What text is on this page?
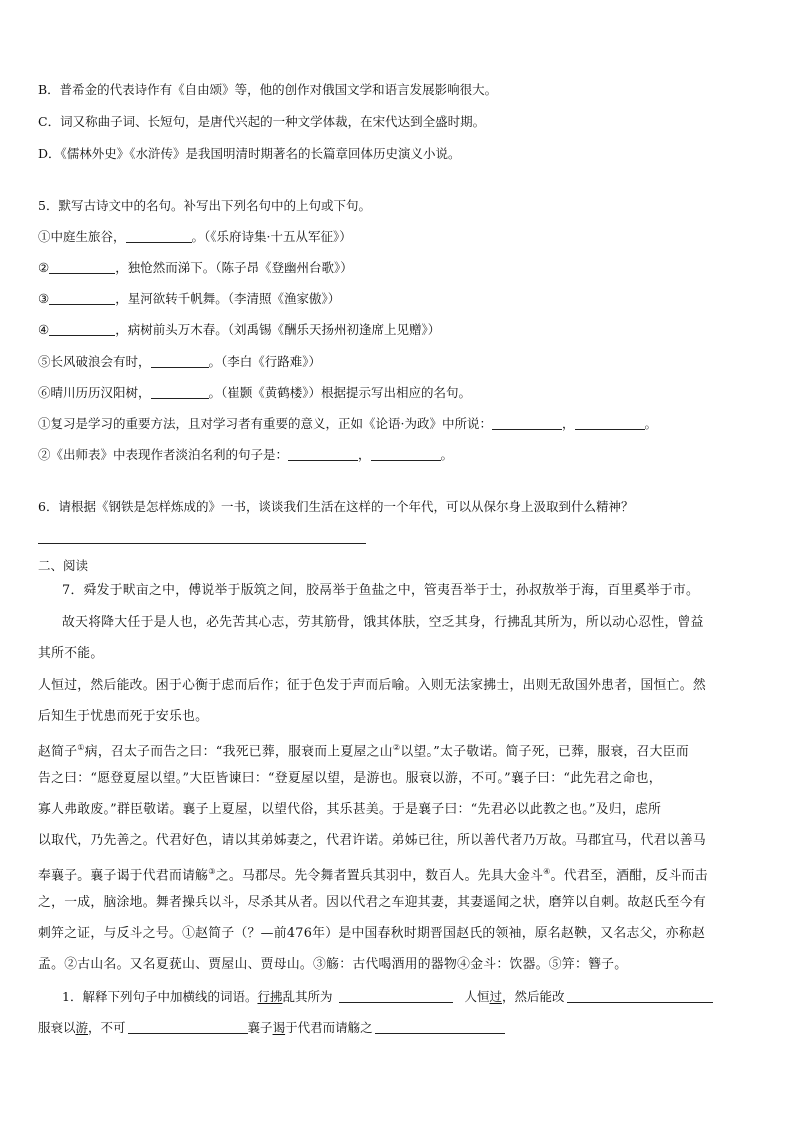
B．普希金的代表诗作有《自由颂》等，他的创作对俄国文学和语言发展影响很大。
C．词又称曲子词、长短句，是唐代兴起的一种文学体裁，在宋代达到全盛时期。
D．《儒林外史》《水浒传》是我国明清时期著名的长篇章回体历史演义小说。
5．默写古诗文中的名句。补写出下列名句中的上句或下句。
①中庭生旅谷，	。（《乐府诗集·十五从军征》）
②	，独怆然而涕下。（陈子昂《登幽州台歌》）
③	，星河欲转千帆舞。（李清照《渔家傲》）
④	，病树前头万木春。（刘禹锡《酬乐天扬州初逢席上见赠》）
⑤长风破浪会有时，	。（李白《行路难》）
⑥晴川历历汉阳树，	。（崔颢《黄鹤楼》）根据提示写出相应的名句。
①复习是学习的重要方法，且对学习者有重要的意义，正如《论语·为政》中所说：	，	。
②《出师表》中表现作者淡泊名利的句子是：	，	。
6．请根据《钢铁是怎样炼成的》一书，谈谈我们生活在这样的一个年代，可以从保尔身上汲取到什么精神？
二、阅读
7．舜发于畎亩之中，傅说举于版筑之间，胶鬲举于鱼盐之中，管夷吾举于士，孙叔敖举于海，百里奚举于市。
故天将降大任于是人也，必先苦其心志，劳其筋骨，饿其体肤，空乏其身，行拂乱其所为，所以动心忍性，曾益
其所不能。
人恒过，然后能改。困于心衡于虑而后作；征于色发于声而后喻。入则无法家拂士，出则无敌国外患者，国恒亡。然
后知生于忧患而死于安乐也。
赵简子①病，召太子而告之曰：“我死已葬，服衰而上夏屋之山②以望。”太子敬诺。简子死，已葬，服衰，召大臣而
告之曰：“愿登夏屋以望。”大臣皆谏曰：“登夏屋以望，是游也。服衰以游，不可。”襄子曰：“此先君之命也，
寡人弗敢废。”群臣敬诺。襄子上夏屋，以望代俗，其乐甚美。于是襄子曰：“先君必以此教之也。”及归，虑所
以取代，乃先善之。代君好色，请以其弟姊妻之，代君许诺。弟姊已往，所以善代者乃万故。马郡宜马，代君以善马
奉襄子。襄子谒于代君而请觞③之。马郡尽。先令舞者置兵其羽中，数百人。先具大金斗④。代君至，酒酣，反斗而击
之，一成，脑涂地。舞者操兵以斗，尽杀其从者。因以代君之车迎其妻，其妻遥闻之状，磨笄以自刺。故赵氏至今有
刺笄之证，与反斗之号。①赵简子（？—前476年）是中国春秋时期晋国赵氏的领袖，原名赵鞅，又名志父，亦称赵
孟。②古山名。又名夏莸山、贾屋山、贾母山。③觞：古代喝酒用的器物④金斗：饮器。⑤笄：簪子。
1．解释下列句子中加横线的词语。行拂乱其所为	人恒过，然后能改
服衰以游，不可	襄子谒于代君而请觞之
